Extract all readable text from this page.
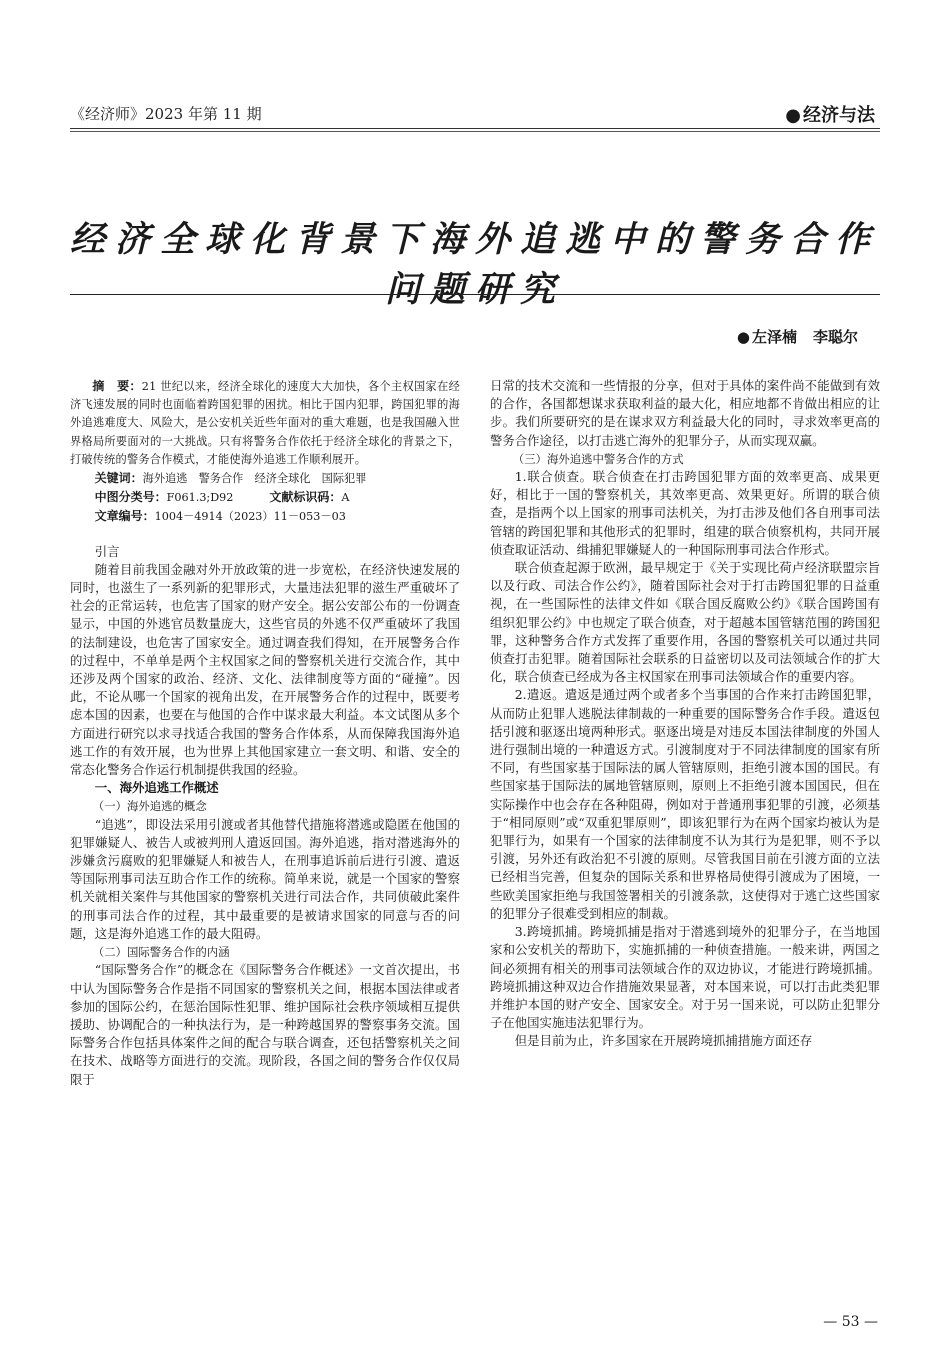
《经济师》2023 年第 11 期	● 经济与法
经济全球化背景下海外追逃中的警务合作问题研究
● 左泽楠 李聪尔

摘　要：21 世纪以来，经济全球化的速度大大加快，各个主权国家在经济飞速发展的同时也面临着跨国犯罪的困扰。相比于国内犯罪，跨国犯罪的海外追逃难度大、风险大，是公安机关近些年面对的重大难题，也是我国融入世界格局所要面对的一大挑战。只有将警务合作依托于经济全球化的背景之下，打破传统的警务合作模式，才能使海外追逃工作顺利展开。

关键词：海外追逃　警务合作　经济全球化　国际犯罪

中图分类号：F061.3;D92	文献标识码：A

文章编号：1004－4914（2023）11－053－03

引言

随着目前我国金融对外开放政策的进一步宽松，在经济快速发展的同时，也滋生了一系列新的犯罪形式，大量违法犯罪的滋生严重破坏了社会的正常运转，也危害了国家的财产安全。据公安部公布的一份调查显示，中国的外逃官员数量庞大，这些官员的外逃不仅严重破坏了我国的法制建设，也危害了国家安全。通过调查我们得知，在开展警务合作的过程中，不单单是两个主权国家之间的警察机关进行交流合作，其中还涉及两个国家的政治、经济、文化、法律制度等方面的“碰撞”。因此，不论从哪一个国家的视角出发，在开展警务合作的过程中，既要考虑本国的因素，也要在与他国的合作中谋求最大利益。本文试图从多个方面进行研究以求寻找适合我国的警务合作体系，从而保障我国海外追逃工作的有效开展，也为世界上其他国家建立一套文明、和谐、安全的常态化警务合作运行机制提供我国的经验。

一、海外追逃工作概述

（一）海外追逃的概念

“追逃”，即设法采用引渡或者其他替代措施将潜逃或隐匿在他国的犯罪嫌疑人、被告人或被判刑人遣返回国。海外追逃，指对潜逃海外的涉嫌贪污腐败的犯罪嫌疑人和被告人，在刑事追诉前后进行引渡、遣返等国际刑事司法互助合作工作的统称。简单来说，就是一个国家的警察机关就相关案件与其他国家的警察机关进行司法合作，共同侦破此案件的刑事司法合作的过程，其中最重要的是被请求国家的同意与否的问题，这是海外追逃工作的最大阻碍。

（二）国际警务合作的内涵

“国际警务合作”的概念在《国际警务合作概述》一文首次提出，书中认为国际警务合作是指不同国家的警察机关之间，根据本国法律或者参加的国际公约，在惩治国际性犯罪、维护国际社会秩序领域相互提供援助、协调配合的一种执法行为，是一种跨越国界的警察事务交流。国际警务合作包括具体案件之间的配合与联合调查，还包括警察机关之间在技术、战略等方面进行的交流。现阶段，各国之间的警务合作仅仅局限于

日常的技术交流和一些情报的分享，但对于具体的案件尚不能做到有效的合作，各国都想谋求获取利益的最大化，相应地都不肯做出相应的让步。我们所要研究的是在谋求双方利益最大化的同时，寻求效率更高的警务合作途径，以打击逃亡海外的犯罪分子，从而实现双赢。

（三）海外追逃中警务合作的方式

1.联合侦查。联合侦查在打击跨国犯罪方面的效率更高、成果更好，相比于一国的警察机关，其效率更高、效果更好。所谓的联合侦查，是指两个以上国家的刑事司法机关，为打击涉及他们各自刑事司法管辖的跨国犯罪和其他形式的犯罪时，组建的联合侦察机构，共同开展侦查取证活动、缉捕犯罪嫌疑人的一种国际刑事司法合作形式。

联合侦查起源于欧洲，最早规定于《关于实现比荷卢经济联盟宗旨以及行政、司法合作公约》，随着国际社会对于打击跨国犯罪的日益重视，在一些国际性的法律文件如《联合国反腐败公约》《联合国跨国有组织犯罪公约》中也规定了联合侦查，对于超越本国管辖范围的跨国犯罪，这种警务合作方式发挥了重要作用，各国的警察机关可以通过共同侦查打击犯罪。随着国际社会联系的日益密切以及司法领域合作的扩大化，联合侦查已经成为各主权国家在刑事司法领域合作的重要内容。

2.遣返。遣返是通过两个或者多个当事国的合作来打击跨国犯罪，从而防止犯罪人逃脱法律制裁的一种重要的国际警务合作手段。遣返包括引渡和驱逐出境两种形式。驱逐出境是对违反本国法律制度的外国人进行强制出境的一种遣返方式。引渡制度对于不同法律制度的国家有所不同，有些国家基于国际法的属人管辖原则，拒绝引渡本国的国民。有些国家基于国际法的属地管辖原则，原则上不拒绝引渡本国国民，但在实际操作中也会存在各种阻碍，例如对于普通刑事犯罪的引渡，必须基于“相同原则”或“双重犯罪原则”，即该犯罪行为在两个国家均被认为是犯罪行为，如果有一个国家的法律制度不认为其行为是犯罪，则不予以引渡，另外还有政治犯不引渡的原则。尽管我国目前在引渡方面的立法已经相当完善，但复杂的国际关系和世界格局使得引渡成为了困境，一些欧美国家拒绝与我国签署相关的引渡条款，这使得对于逃亡这些国家的犯罪分子很难受到相应的制裁。

3.跨境抓捕。跨境抓捕是指对于潜逃到境外的犯罪分子，在当地国家和公安机关的帮助下，实施抓捕的一种侦查措施。一般来讲，两国之间必须拥有相关的刑事司法领域合作的双边协议，才能进行跨境抓捕。跨境抓捕这种双边合作措施效果显著，对本国来说，可以打击此类犯罪并维护本国的财产安全、国家安全。对于另一国来说，可以防止犯罪分子在他国实施违法犯罪行为。

但是目前为止，许多国家在开展跨境抓捕措施方面还存

— 53 —
